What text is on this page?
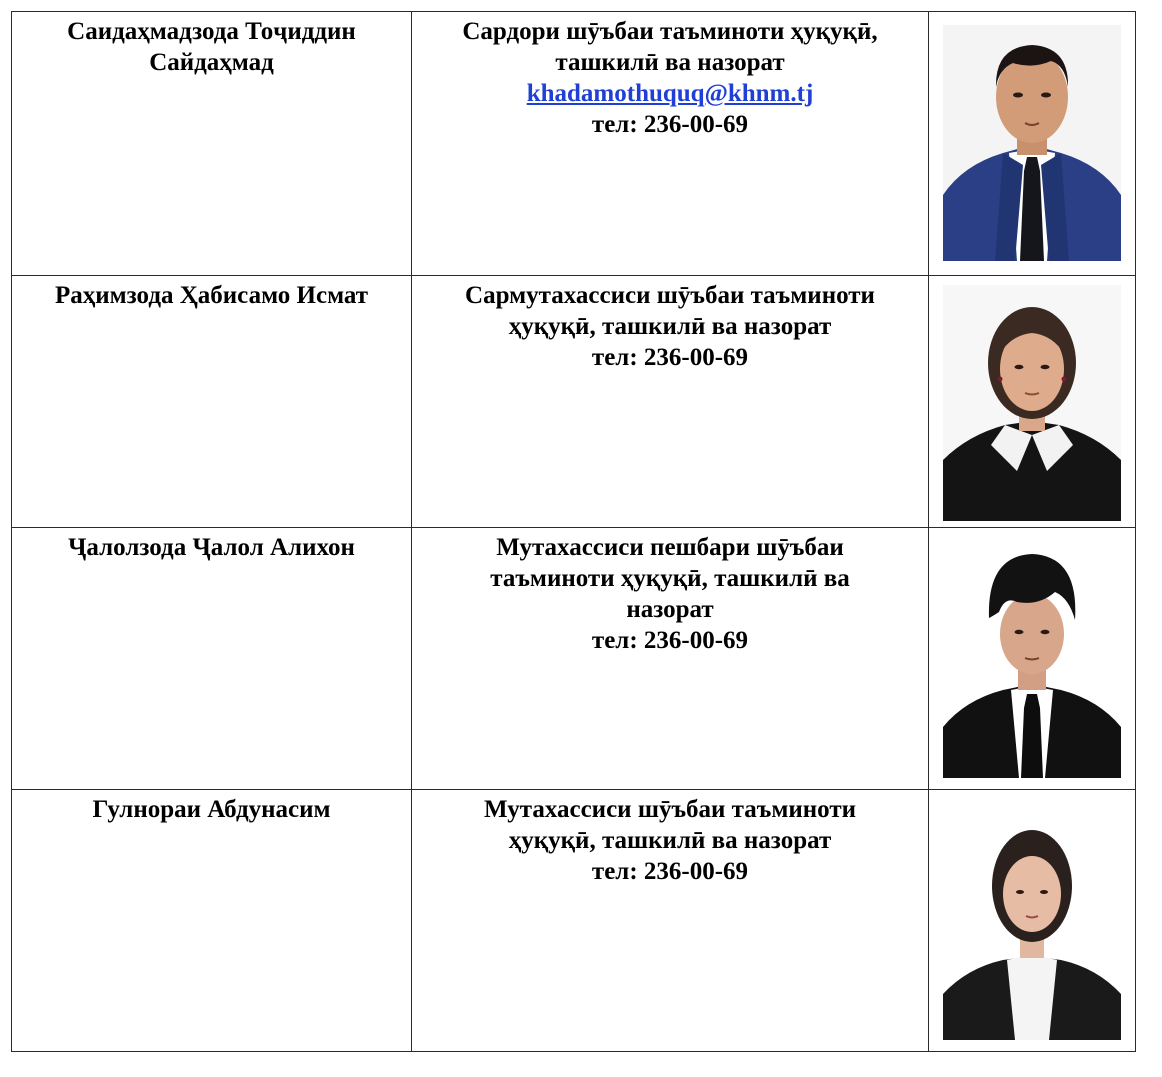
Саидаҳмадзода Тоҷиддин
Сайдаҳмад	Сардори шӯъбаи таъминоти ҳуқуқӣ,
ташкилӣ ва назорат
khadamothuquq@khnm.tj
тел: 236-00-69

Раҳимзода Ҳабисамо Исмат	Сармутахассиси шӯъбаи таъминоти
ҳуқуқӣ, ташкилӣ ва назорат
тел: 236-00-69

Ҷалолзода Ҷалол Алихон	Мутахассиси пешбари шӯъбаи
таъминоти ҳуқуқӣ, ташкилӣ ва
назорат
тел: 236-00-69

Гулнораи Абдунасим	Мутахассиси шӯъбаи таъминоти
ҳуқуқӣ, ташкилӣ ва назорат
тел: 236-00-69
